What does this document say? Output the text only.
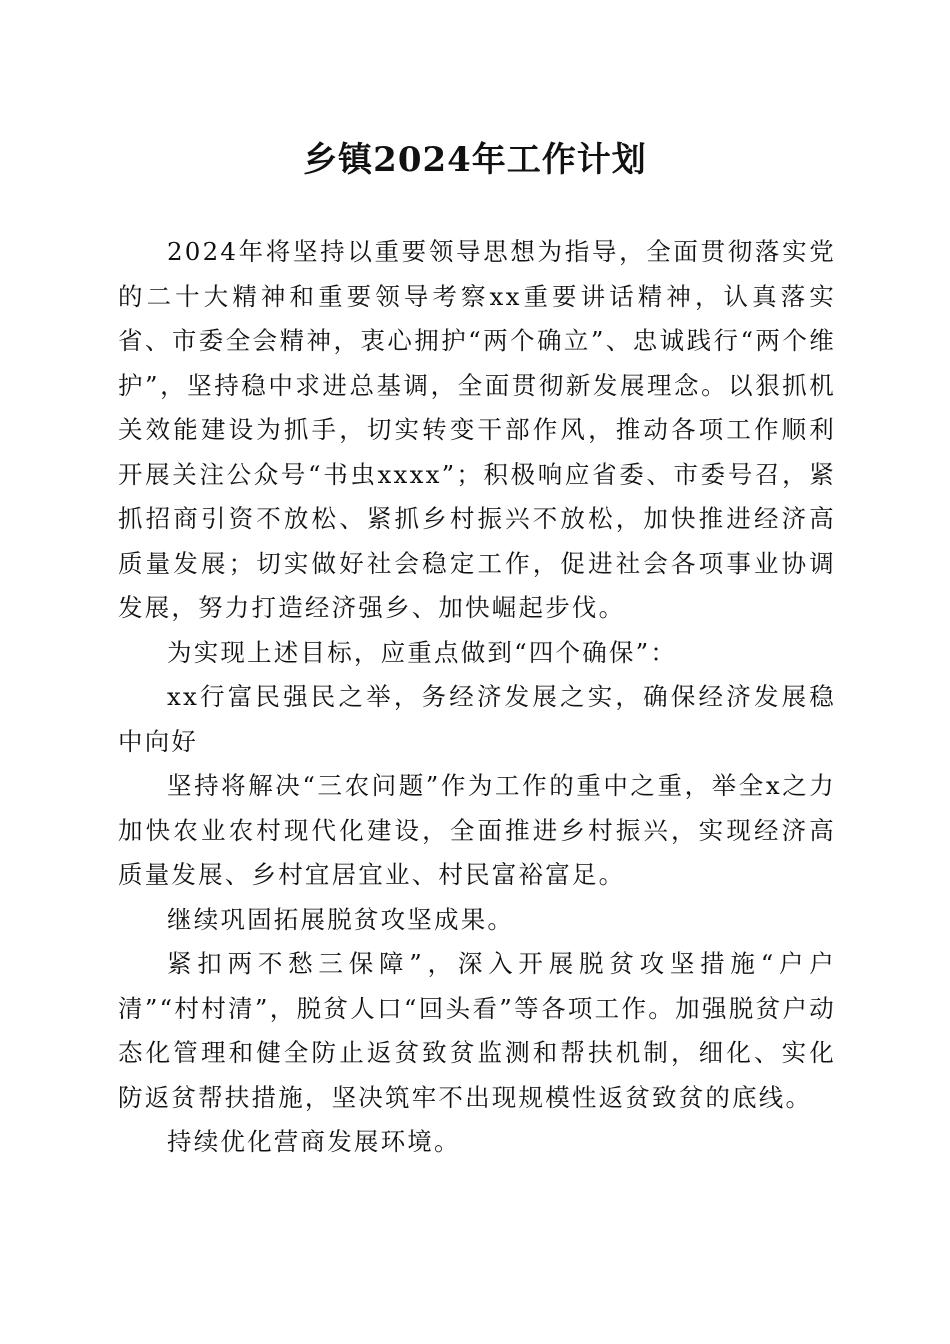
乡镇2024年工作计划

2024年将坚持以重要领导思想为指导，全面贯彻落实党的二十大精神和重要领导考察xx重要讲话精神，认真落实省、市委全会精神，衷心拥护“两个确立”、忠诚践行“两个维护”，坚持稳中求进总基调，全面贯彻新发展理念。以狠抓机关效能建设为抓手，切实转变干部作风，推动各项工作顺利开展关注公众号“书虫xxxx”；积极响应省委、市委号召，紧抓招商引资不放松、紧抓乡村振兴不放松，加快推进经济高质量发展；切实做好社会稳定工作，促进社会各项事业协调发展，努力打造经济强乡、加快崛起步伐。

为实现上述目标，应重点做到“四个确保”：

xx行富民强民之举，务经济发展之实，确保经济发展稳中向好

坚持将解决“三农问题”作为工作的重中之重，举全x之力加快农业农村现代化建设，全面推进乡村振兴，实现经济高质量发展、乡村宜居宜业、村民富裕富足。

继续巩固拓展脱贫攻坚成果。

紧扣两不愁三保障”，深入开展脱贫攻坚措施“户户清”“村村清”，脱贫人口“回头看”等各项工作。加强脱贫户动态化管理和健全防止返贫致贫监测和帮扶机制，细化、实化防返贫帮扶措施，坚决筑牢不出现规模性返贫致贫的底线。

持续优化营商发展环境。
